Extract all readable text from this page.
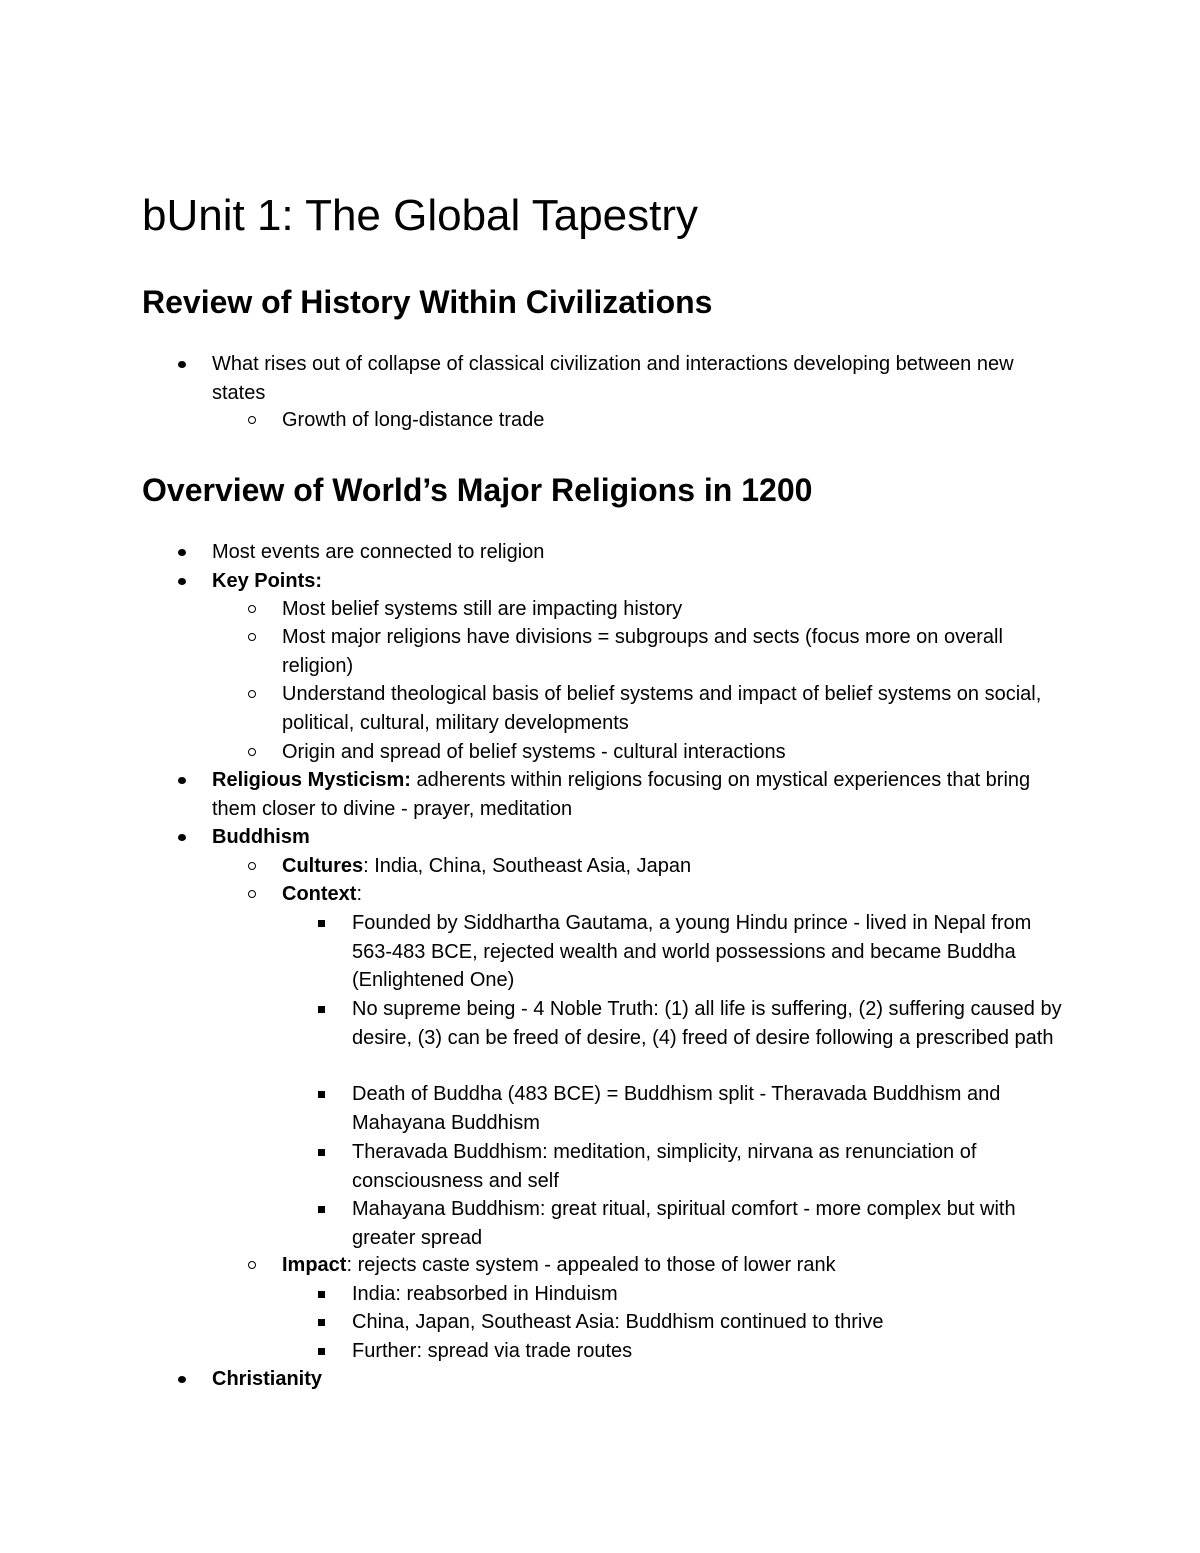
bUnit 1: The Global Tapestry
Review of History Within Civilizations
What rises out of collapse of classical civilization and interactions developing between new states
Growth of long-distance trade
Overview of World’s Major Religions in 1200
Most events are connected to religion
Key Points:
Most belief systems still are impacting history
Most major religions have divisions = subgroups and sects (focus more on overall religion)
Understand theological basis of belief systems and impact of belief systems on social, political, cultural, military developments
Origin and spread of belief systems - cultural interactions
Religious Mysticism: adherents within religions focusing on mystical experiences that bring them closer to divine - prayer, meditation
Buddhism
Cultures: India, China, Southeast Asia, Japan
Context:
Founded by Siddhartha Gautama, a young Hindu prince - lived in Nepal from 563-483 BCE, rejected wealth and world possessions and became Buddha (Enlightened One)
No supreme being - 4 Noble Truth: (1) all life is suffering, (2) suffering caused by desire, (3) can be freed of desire, (4) freed of desire following a prescribed path
Death of Buddha (483 BCE) = Buddhism split - Theravada Buddhism and Mahayana Buddhism
Theravada Buddhism: meditation, simplicity, nirvana as renunciation of consciousness and self
Mahayana Buddhism: great ritual, spiritual comfort - more complex but with greater spread
Impact: rejects caste system - appealed to those of lower rank
India: reabsorbed in Hinduism
China, Japan, Southeast Asia: Buddhism continued to thrive
Further: spread via trade routes
Christianity
